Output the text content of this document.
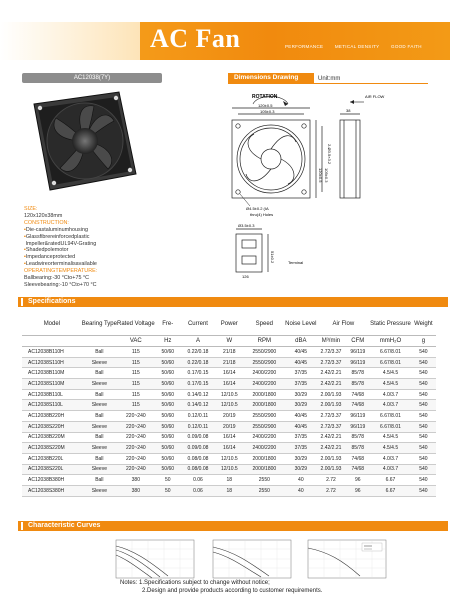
AC Fan	PERFORMANCE	METICAL DENSITY	GOOD FAITH
AC12038(7Y)	Dimensions Drawing	Unit:mm
ROTATION
120±0.5
105±0.3
120±0.5 105±0.3
Ø4.5±0.2 (IA
thru(4) Holes
38
2-Ø3.5×3.2
AIR FLOW
Ø3.5±0.3
51±0.2
126
Terminal
SIZE:
120x120x38mm
CONSTRUCTION:
▪Die-castaluminumhousing
▪Glassfibrereinforcedplastic
Impeller&ratedUL94V-Grating
▪Shadedpolemotor
▪Impedanceprotected
▪Leadwireorterminalisavailable
OPERATINGTEMPERATURE:
Ballbearing:-30 °Cto+75 °C
Sleevebearing:-10 °Cto+70 °C
Specifications
Model	Bearing Type	Rated Voltage	Fre-	Current	Power	Speed	Noise Level	Air Flow		Static Pressure	Weight
		VAC	Hz	A	W	RPM	dBA	M³/min	CFM	mmH₂O	g
AC12038B110H	Ball	115	50/60	0.22/0.18	21/18	2550/2900	40/45	2.72/3.37	96/119	6.67/8.01	540
AC12038S110H	Sleeve	115	50/60	0.22/0.18	21/18	2550/2900	40/45	2.72/3.37	96/119	6.67/8.01	540
AC12038B110M	Ball	115	50/60	0.17/0.15	16/14	2400/2200	37/35	2.42/2.21	85/78	4.5/4.5	540
AC12038S110M	Sleeve	115	50/60	0.17/0.15	16/14	2400/2200	37/35	2.42/2.21	85/78	4.5/4.5	540
AC12038B110L	Ball	115	50/60	0.14/0.12	12/10.5	2000/1800	30/29	2.00/1.93	74/68	4.0/3.7	540
AC12038S110L	Sleeve	115	50/60	0.14/0.12	12/10.5	2000/1800	30/29	2.00/1.93	74/68	4.0/3.7	540
AC12038B220H	Ball	220~240	50/60	0.12/0.11	20/19	2550/2900	40/45	2.72/3.37	96/119	6.67/8.01	540
AC12038S220H	Sleeve	220~240	50/60	0.12/0.11	20/19	2550/2900	40/45	2.72/3.37	96/119	6.67/8.01	540
AC12038B220M	Ball	220~240	50/60	0.09/0.08	16/14	2400/2200	37/35	2.42/2.21	85/78	4.5/4.5	540
AC12038S220M	Sleeve	220~240	50/60	0.09/0.08	16/14	2400/2200	37/35	2.42/2.21	85/78	4.5/4.5	540
AC12038B220L	Ball	220~240	50/60	0.08/0.08	12/10.5	2000/1800	30/29	2.00/1.93	74/68	4.0/3.7	540
AC12038S220L	Sleeve	220~240	50/60	0.08/0.08	12/10.5	2000/1800	30/29	2.00/1.93	74/68	4.0/3.7	540
AC12038B380H	Ball	380	50	0.06	18	2550	40	2.72	96	6.67	540
AC12038S380H	Sleeve	380	50	0.06	18	2550	40	2.72	96	6.67	540
Characteristic Curves
Notes: 1.Specifications subject to change without notice;
2.Design and provide products according to customer requirements.
